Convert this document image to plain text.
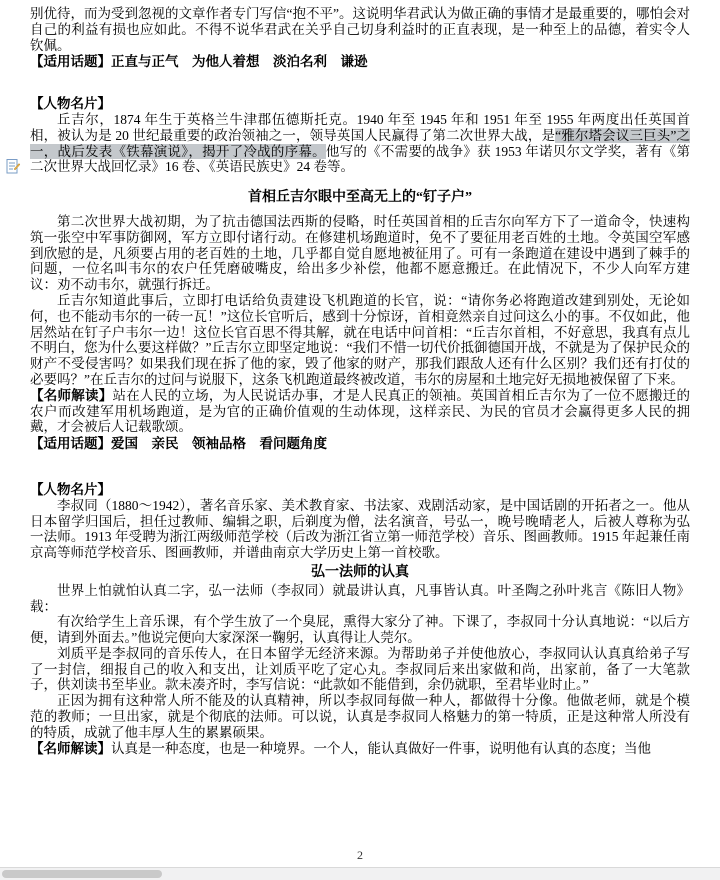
别优待，而为受到忽视的文章作者专门写信“抱不平”。这说明华君武认为做正确的事情才是最重要的，哪怕会对自己的利益有损也应如此。不得不说华君武在关乎自己切身利益时的正直表现，是一种至上的品德，着实令人钦佩。

【适用话题】正直与正气　为他人着想　淡泊名利　谦逊

【人物名片】

丘吉尔，1874 年生于英格兰牛津郡伍德斯托克。1940 年至 1945 年和 1951 年至 1955 年两度出任英国首相，被认为是 20 世纪最重要的政治领袖之一，领导英国人民赢得了第二次世界大战，是“雅尔塔会议三巨头”之一，战后发表《铁幕演说》，揭开了冷战的序幕。他写的《不需要的战争》获 1953 年诺贝尔文学奖，著有《第二次世界大战回忆录》16 卷、《英语民族史》24 卷等。

首相丘吉尔眼中至高无上的“钉子户”

第二次世界大战初期，为了抗击德国法西斯的侵略，时任英国首相的丘吉尔向军方下了一道命令，快速构筑一张空中军事防御网，军方立即付诸行动。在修建机场跑道时，免不了要征用老百姓的土地。令英国空军感到欣慰的是，凡须要占用的老百姓的土地，几乎都自觉自愿地被征用了。可有一条跑道在建设中遇到了棘手的问题，一位名叫韦尔的农户任凭磨破嘴皮，给出多少补偿，他都不愿意搬迁。在此情况下，不少人向军方建议：劝不动韦尔，就强行拆迁。

丘吉尔知道此事后，立即打电话给负责建设飞机跑道的长官，说：“请你务必将跑道改建到别处，无论如何，也不能动韦尔的一砖一瓦！”这位长官听后，感到十分惊讶，首相竟然亲自过问这么小的事。不仅如此，他居然站在钉子户韦尔一边！这位长官百思不得其解，就在电话中问首相：“丘吉尔首相，不好意思，我真有点儿不明白，您为什么要这样做？”丘吉尔立即坚定地说：“我们不惜一切代价抵御德国开战，不就是为了保护民众的财产不受侵害吗？如果我们现在拆了他的家，毁了他家的财产，那我们跟敌人还有什么区别？我们还有打仗的必要吗？”在丘吉尔的过问与说服下，这条飞机跑道最终被改道，韦尔的房屋和土地完好无损地被保留了下来。

【名师解读】站在人民的立场，为人民说话办事，才是人民真正的领袖。英国首相丘吉尔为了一位不愿搬迁的农户而改建军用机场跑道，是为官的正确价值观的生动体现，这样亲民、为民的官员才会赢得更多人民的拥戴，才会被后人记载歌颂。

【适用话题】爱国　亲民　领袖品格　看问题角度

【人物名片】

李叔同（1880～1942），著名音乐家、美术教育家、书法家、戏剧活动家，是中国话剧的开拓者之一。他从日本留学归国后，担任过教师、编辑之职，后剃度为僧，法名演音，号弘一，晚号晚晴老人，后被人尊称为弘一法师。1913 年受聘为浙江两级师范学校（后改为浙江省立第一师范学校）音乐、图画教师。1915 年起兼任南京高等师范学校音乐、图画教师，并谱曲南京大学历史上第一首校歌。

弘一法师的认真

世界上怕就怕认真二字，弘一法师（李叔同）就最讲认真，凡事皆认真。叶圣陶之孙叶兆言《陈旧人物》载：

有次给学生上音乐课，有个学生放了一个臭屁，熏得大家分了神。下课了，李叔同十分认真地说：“以后方便，请到外面去。”他说完便向大家深深一鞠躬，认真得让人莞尔。

刘质平是李叔同的音乐传人，在日本留学无经济来源。为帮助弟子并使他放心，李叔同认认真真给弟子写了一封信，细报自己的收入和支出，让刘质平吃了定心丸。李叔同后来出家做和尚，出家前，备了一大笔款子，供刘读书至毕业。款未凑齐时，李写信说：“此款如不能借到，余仍就职，至君毕业时止。”

正因为拥有这种常人所不能及的认真精神，所以李叔同每做一种人，都做得十分像。他做老师，就是个模范的教师；一旦出家，就是个彻底的法师。可以说，认真是李叔同人格魅力的第一特质，正是这种常人所没有的特质，成就了他丰厚人生的累累硕果。

【名师解读】认真是一种态度，也是一种境界。一个人，能认真做好一件事，说明他有认真的态度；当他

2
